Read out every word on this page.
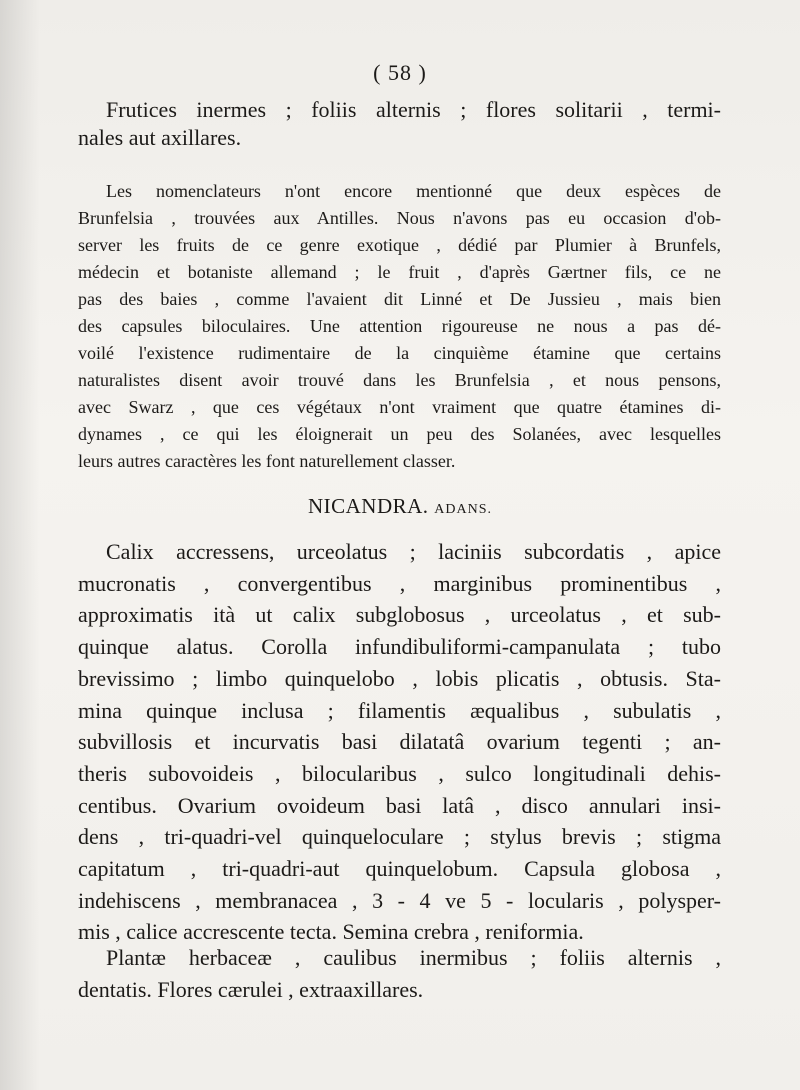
( 58 )
Frutices inermes ; foliis alternis ; flores solitarii , termi-
nales aut axillares.
Les nomenclateurs n'ont encore mentionné que deux espèces de
Brunfelsia , trouvées aux Antilles. Nous n'avons pas eu occasion d'ob-
server les fruits de ce genre exotique , dédié par Plumier à Brunfels,
médecin et botaniste allemand ; le fruit , d'après Gærtner fils, ce ne
pas des baies , comme l'avaient dit Linné et De Jussieu , mais bien
des capsules biloculaires. Une attention rigoureuse ne nous a pas dé-
voilé l'existence rudimentaire de la cinquième étamine que certains
naturalistes disent avoir trouvé dans les Brunfelsia , et nous pensons,
avec Swarz , que ces végétaux n'ont vraiment que quatre étamines di-
dynames , ce qui les éloignerait un peu des Solanées, avec lesquelles
leurs autres caractères les font naturellement classer.
NICANDRA. ADANS.
Calix accressens, urceolatus ; laciniis subcordatis , apice
mucronatis , convergentibus , marginibus prominentibus ,
approximatis ità ut calix subglobosus , urceolatus , et sub-
quinque alatus. Corolla infundibuliformi-campanulata ; tubo
brevissimo ; limbo quinquelobo , lobis plicatis , obtusis. Sta-
mina quinque inclusa ; filamentis æqualibus , subulatis ,
subvillosis et incurvatis basi dilatatâ ovarium tegenti ; an-
theris subovoideis , bilocularibus , sulco longitudinali dehis-
centibus. Ovarium ovoideum basi latâ , disco annulari insi-
dens , tri-quadri-vel quinqueloculare ; stylus brevis ; stigma
capitatum , tri-quadri-aut quinquelobum. Capsula globosa ,
indehiscens , membranacea , 3 - 4 ve 5 - locularis , polysper-
mis , calice accrescente tecta. Semina crebra , reniformia.
Plantæ herbaceæ , caulibus inermibus ; foliis alternis ,
dentatis. Flores cærulei , extraaxillares.
